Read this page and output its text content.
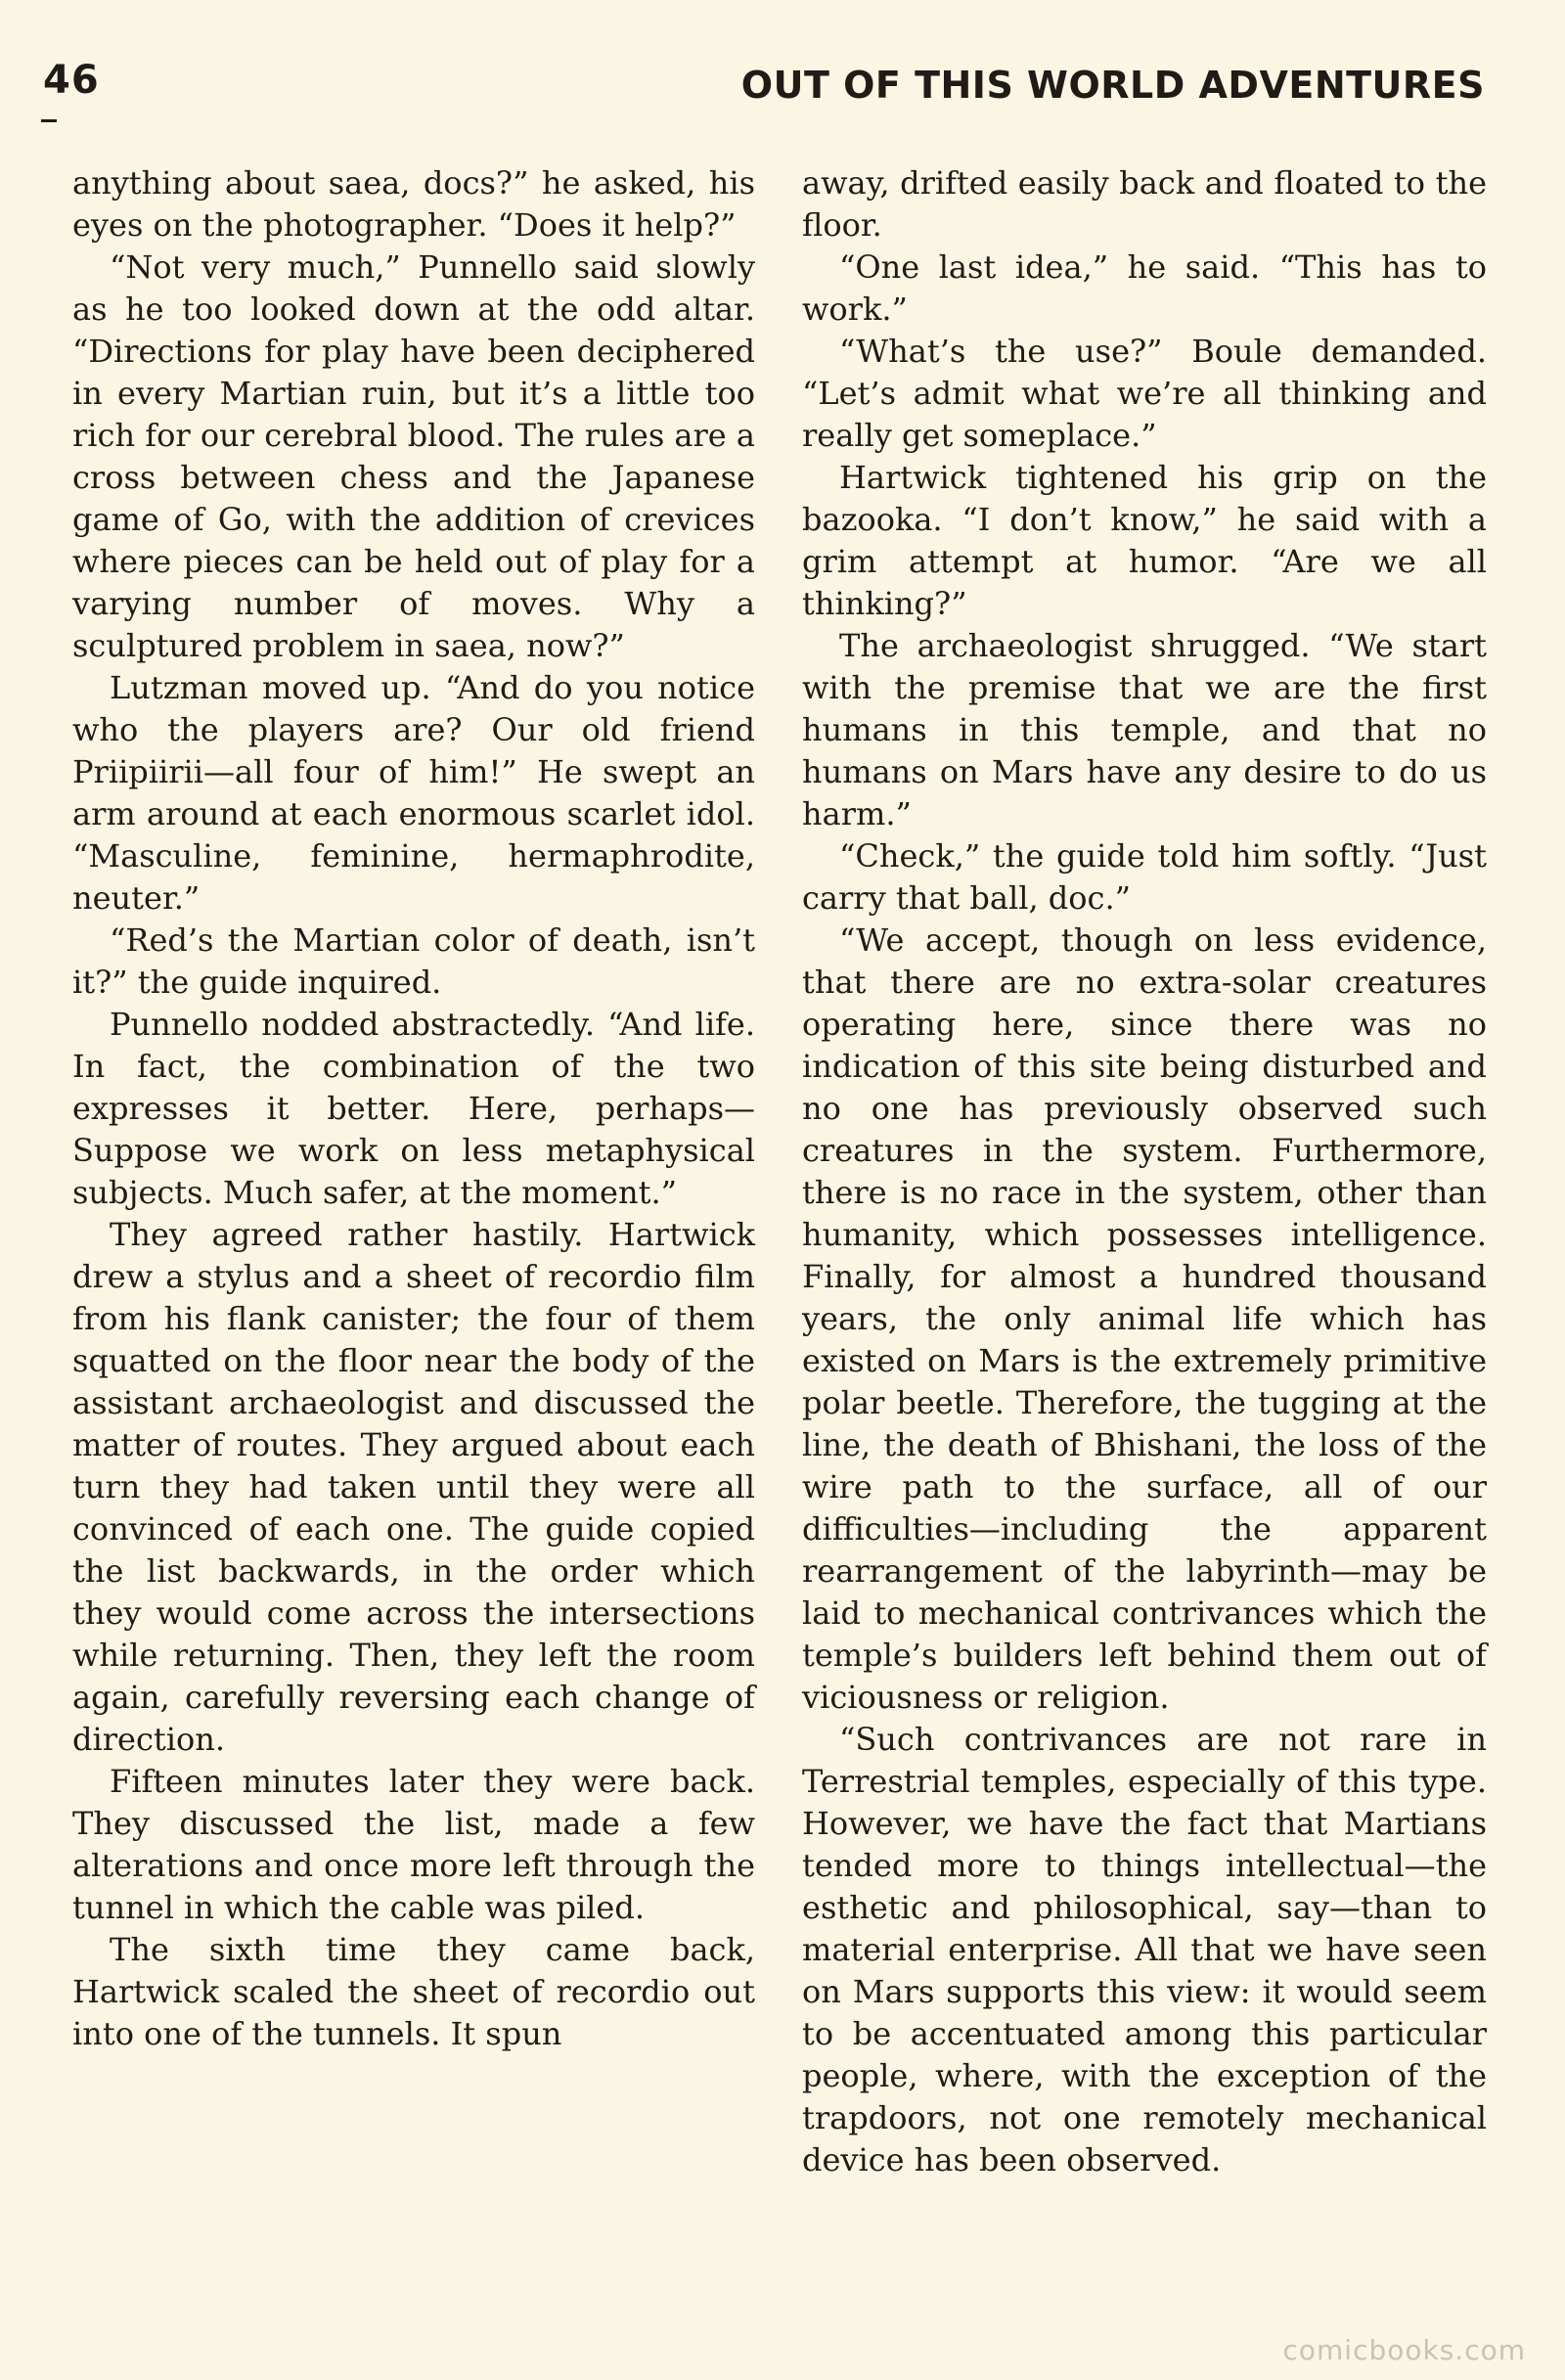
46	OUT OF THIS WORLD ADVENTURES

anything about saea, docs?” he asked, his eyes on the photographer. “Does it help?”

“Not very much,” Punnello said slowly as he too looked down at the odd altar. “Directions for play have been deciphered in every Martian ruin, but it’s a little too rich for our cerebral blood. The rules are a cross between chess and the Japanese game of Go, with the addition of crevices where pieces can be held out of play for a varying number of moves. Why a sculptured problem in saea, now?”

Lutzman moved up. “And do you notice who the players are? Our old friend Priipiirii—all four of him!” He swept an arm around at each enormous scarlet idol. “Masculine, feminine, hermaphrodite, neuter.”

“Red’s the Martian color of death, isn’t it?” the guide inquired.

Punnello nodded abstractedly. “And life. In fact, the combination of the two expresses it better. Here, perhaps— Suppose we work on less metaphysical subjects. Much safer, at the moment.”

They agreed rather hastily. Hartwick drew a stylus and a sheet of recordio film from his flank canister; the four of them squatted on the floor near the body of the assistant archaeologist and discussed the matter of routes. They argued about each turn they had taken until they were all convinced of each one. The guide copied the list backwards, in the order which they would come across the intersections while returning. Then, they left the room again, carefully reversing each change of direction.

Fifteen minutes later they were back. They discussed the list, made a few alterations and once more left through the tunnel in which the cable was piled.

The sixth time they came back, Hartwick scaled the sheet of recordio out into one of the tunnels. It spun

away, drifted easily back and floated to the floor.

“One last idea,” he said. “This has to work.”

“What’s the use?” Boule demanded. “Let’s admit what we’re all thinking and really get someplace.”

Hartwick tightened his grip on the bazooka. “I don’t know,” he said with a grim attempt at humor. “Are we all thinking?”

The archaeologist shrugged. “We start with the premise that we are the first humans in this temple, and that no humans on Mars have any desire to do us harm.”

“Check,” the guide told him softly. “Just carry that ball, doc.”

“We accept, though on less evidence, that there are no extra-solar creatures operating here, since there was no indication of this site being disturbed and no one has previously observed such creatures in the system. Furthermore, there is no race in the system, other than humanity, which possesses intelligence. Finally, for almost a hundred thousand years, the only animal life which has existed on Mars is the extremely primitive polar beetle. Therefore, the tugging at the line, the death of Bhishani, the loss of the wire path to the surface, all of our difficulties—including the apparent rearrangement of the labyrinth—may be laid to mechanical contrivances which the temple’s builders left behind them out of viciousness or religion.

“Such contrivances are not rare in Terrestrial temples, especially of this type. However, we have the fact that Martians tended more to things intellectual—the esthetic and philosophical, say—than to material enterprise. All that we have seen on Mars supports this view: it would seem to be accentuated among this particular people, where, with the exception of the trapdoors, not one remotely mechanical device has been observed.

comicbooks.com
